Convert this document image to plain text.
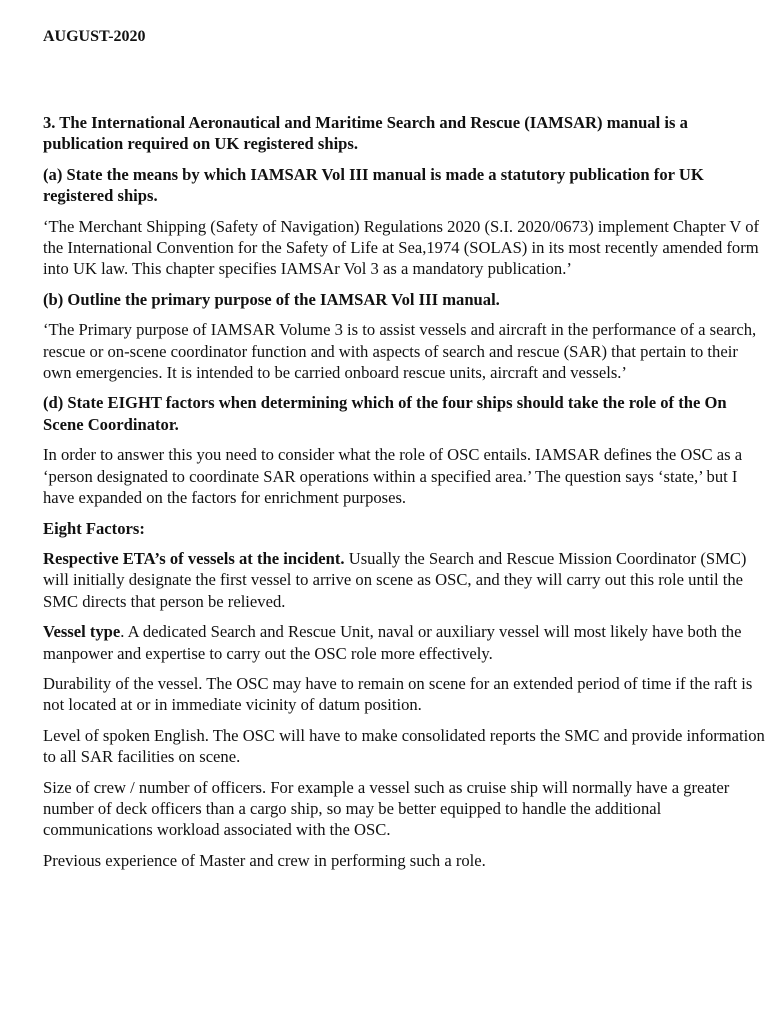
AUGUST-2020

3. The International Aeronautical and Maritime Search and Rescue (IAMSAR) manual is a publication required on UK registered ships.

(a) State the means by which IAMSAR Vol III manual is made a statutory publication for UK registered ships.

‘The Merchant Shipping (Safety of Navigation) Regulations 2020 (S.I. 2020/0673) implement Chapter V of the International Convention for the Safety of Life at Sea,1974 (SOLAS) in its most recently amended form into UK law. This chapter specifies IAMSAr Vol 3 as a mandatory publication.’

(b) Outline the primary purpose of the IAMSAR Vol III manual.

‘The Primary purpose of IAMSAR Volume 3 is to assist vessels and aircraft in the performance of a search, rescue or on-scene coordinator function and with aspects of search and rescue (SAR) that pertain to their own emergencies. It is intended to be carried onboard rescue units, aircraft and vessels.’

(d) State EIGHT factors when determining which of the four ships should take the role of the On Scene Coordinator.

In order to answer this you need to consider what the role of OSC entails. IAMSAR defines the OSC as a ‘person designated to coordinate SAR operations within a specified area.’ The question says ‘state,’ but I have expanded on the factors for enrichment purposes.

Eight Factors:

Respective ETA’s of vessels at the incident. Usually the Search and Rescue Mission Coordinator (SMC) will initially designate the first vessel to arrive on scene as OSC, and they will carry out this role until the SMC directs that person be relieved.

Vessel type. A dedicated Search and Rescue Unit, naval or auxiliary vessel will most likely have both the manpower and expertise to carry out the OSC role more effectively.

Durability of the vessel. The OSC may have to remain on scene for an extended period of time if the raft is not located at or in immediate vicinity of datum position.

Level of spoken English. The OSC will have to make consolidated reports the SMC and provide information to all SAR facilities on scene.

Size of crew / number of officers. For example a vessel such as cruise ship will normally have a greater number of deck officers than a cargo ship, so may be better equipped to handle the additional communications workload associated with the OSC.

Previous experience of Master and crew in performing such a role.
